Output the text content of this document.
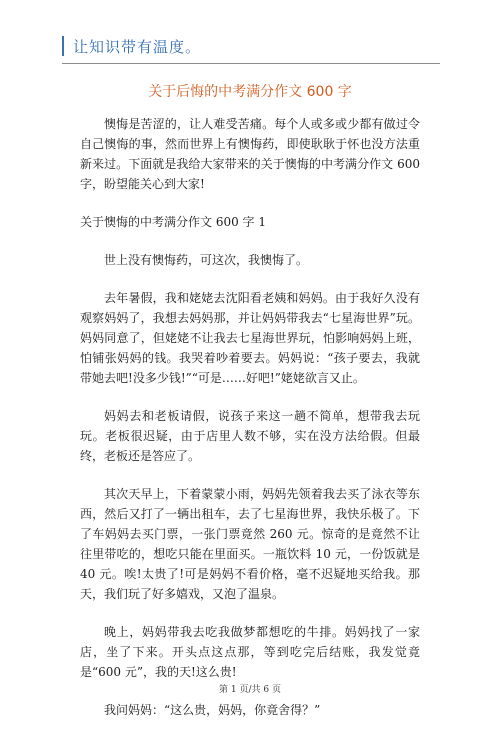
让知识带有温度。
关于后悔的中考满分作文 600 字

懊悔是苦涩的，让人难受苦痛。每个人或多或少都有做过令自己懊悔的事，然而世界上有懊悔药，即使耿耿于怀也没方法重新来过。下面就是我给大家带来的关于懊悔的中考满分作文 600 字，盼望能关心到大家!

关于懊悔的中考满分作文 600 字 1

世上没有懊悔药，可这次，我懊悔了。

去年暑假，我和姥姥去沈阳看老姨和妈妈。由于我好久没有观察妈妈了，我想去妈妈那，并让妈妈带我去“七星海世界”玩。妈妈同意了，但姥姥不让我去七星海世界玩，怕影响妈妈上班，怕铺张妈妈的钱。我哭着吵着要去。妈妈说：“孩子要去，我就带她去吧!没多少钱!”“可是……好吧!”姥姥欲言又止。

妈妈去和老板请假，说孩子来这一趟不简单，想带我去玩玩。老板很迟疑，由于店里人数不够，实在没方法给假。但最终，老板还是答应了。

其次天早上，下着蒙蒙小雨，妈妈先领着我去买了泳衣等东西，然后又打了一辆出租车，去了七星海世界，我快乐极了。下了车妈妈去买门票，一张门票竟然 260 元。惊奇的是竟然不让往里带吃的，想吃只能在里面买。一瓶饮料 10 元，一份饭就是 40 元。唉!太贵了!可是妈妈不看价格，毫不迟疑地买给我。那天，我们玩了好多嬉戏，又泡了温泉。

晚上，妈妈带我去吃我做梦都想吃的牛排。妈妈找了一家店，坐了下来。开头点这点那，等到吃完后结账，我发觉竟是“600 元”，我的天!这么贵!

我问妈妈：“这么贵，妈妈，你竟舍得？”

第 1 页/共 6 页
